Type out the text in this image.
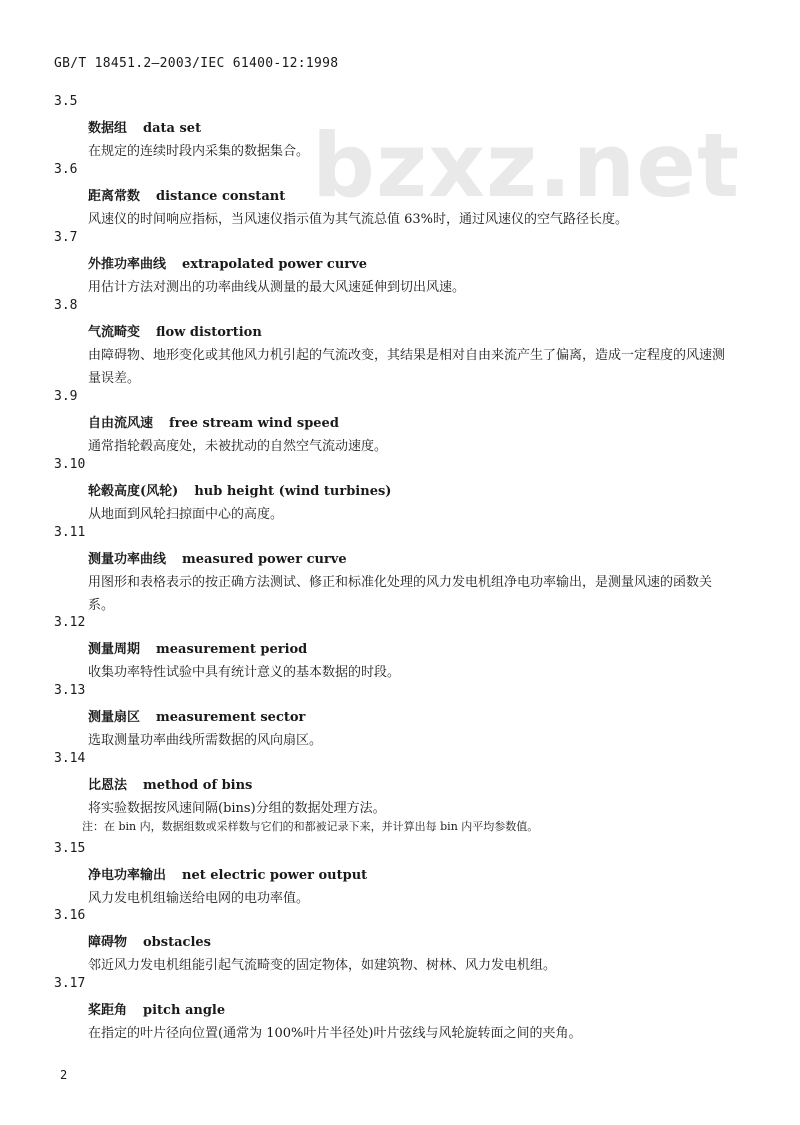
GB/T 18451.2—2003/IEC 61400-12:1998
bzxz.net
3.5
数据组 data set
在规定的连续时段内采集的数据集合。
3.6
距离常数 distance constant
风速仪的时间响应指标，当风速仪指示值为其气流总值 63%时，通过风速仪的空气路径长度。
3.7
外推功率曲线 extrapolated power curve
用估计方法对测出的功率曲线从测量的最大风速延伸到切出风速。
3.8
气流畸变 flow distortion
由障碍物、地形变化或其他风力机引起的气流改变，其结果是相对自由来流产生了偏离，造成一定程度的风速测量误差。
3.9
自由流风速 free stream wind speed
通常指轮毂高度处，未被扰动的自然空气流动速度。
3.10
轮毂高度(风轮) hub height (wind turbines)
从地面到风轮扫掠面中心的高度。
3.11
测量功率曲线 measured power curve
用图形和表格表示的按正确方法测试、修正和标准化处理的风力发电机组净电功率输出，是测量风速的函数关系。
3.12
测量周期 measurement period
收集功率特性试验中具有统计意义的基本数据的时段。
3.13
测量扇区 measurement sector
选取测量功率曲线所需数据的风向扇区。
3.14
比恩法 method of bins
将实验数据按风速间隔(bins)分组的数据处理方法。
3.15
净电功率输出 net electric power output
风力发电机组输送给电网的电功率值。
3.16
障碍物 obstacles
邻近风力发电机组能引起气流畸变的固定物体，如建筑物、树林、风力发电机组。
3.17
桨距角 pitch angle
在指定的叶片径向位置(通常为 100%叶片半径处)叶片弦线与风轮旋转面之间的夹角。
注：在 bin 内，数据组数或采样数与它们的和都被记录下来，并计算出每 bin 内平均参数值。
2
